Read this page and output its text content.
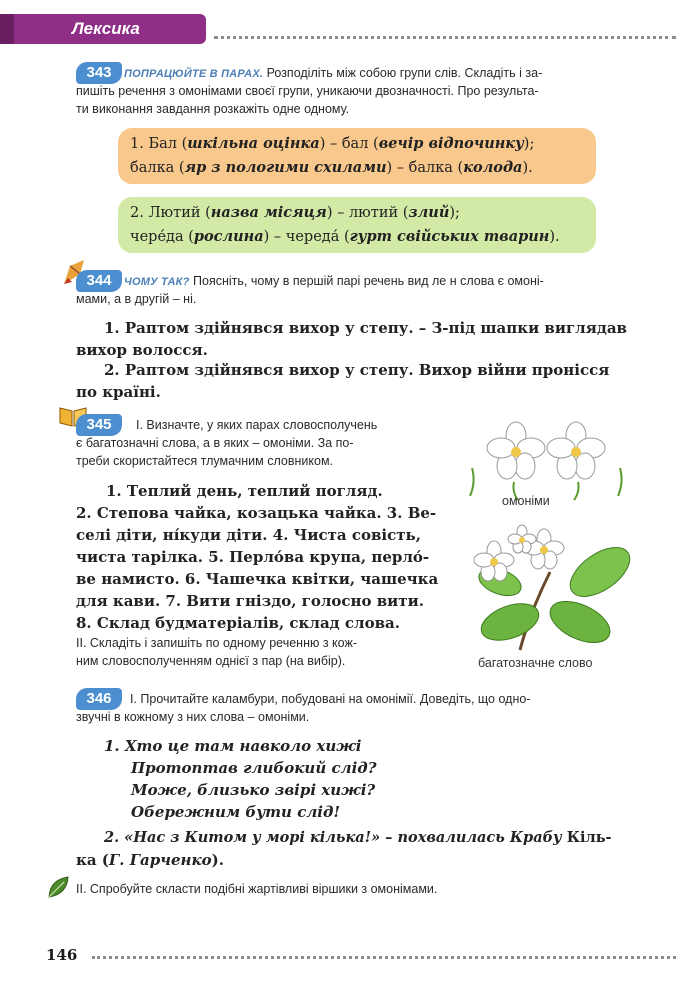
Лексика
343	ПОПРАЦЮЙТЕ В ПАРАХ. Розподіліть між собою групи слів. Складіть і за-
пишіть речення з омонімами своєї групи, уникаючи двозначності. Про результа-
ти виконання завдання розкажіть одне одному.
1. Бал (шкільна оцінка) – бал (вечір відпочинку);
балка (яр з пологими схилами) – балка (колода).
2. Лютий (назва місяця) – лютий (злий);
чере́да (рослина) – череда́ (гурт свійських тварин).
344	ЧОМУ ТАК? Поясніть, чому в першій парі речень вид ле н слова є омоні-
мами, а в другій – ні.
1. Раптом здійнявся вихор у степу. – З-під шапки виглядав
вихор волосся.
2. Раптом здійнявся вихор у степу. Вихор війни пронісся
по країні.
345	I. Визначте, у яких парах словосполучень
є багатозначні слова, а в яких – омоніми. За по-
треби скористайтеся тлумачним словником.
1. Теплий день, теплий погляд.
2. Степова чайка, козацька чайка. 3. Ве-
селі діти, ні́куди діти. 4. Чиста совість,
чиста тарілка. 5. Перло́ва крупа, перло́-
ве намисто. 6. Чашечка квітки, чашечка
для кави. 7. Вити гніздо, голосно вити.
8. Склад будматеріалів, склад слова.
II. Складіть і запишіть по одному реченню з кож-
ним словосполученням однієї з пар (на вибір).
омоніми
багатозначне слово
346	I. Прочитайте каламбури, побудовані на омонімії. Доведіть, що одно-
звучні в кожному з них слова – омоніми.
1. Хто це там навколо хижі
Протоптав глибокий слід?
Може, близько звірі хижі?
Обережним бути слід!
2. «Нас з Китом у морі кілька!» – похвалилась Крабу Кіль-
ка (Г. Гарченко).
II. Спробуйте скласти подібні жартівливі віршики з омонімами.
146
